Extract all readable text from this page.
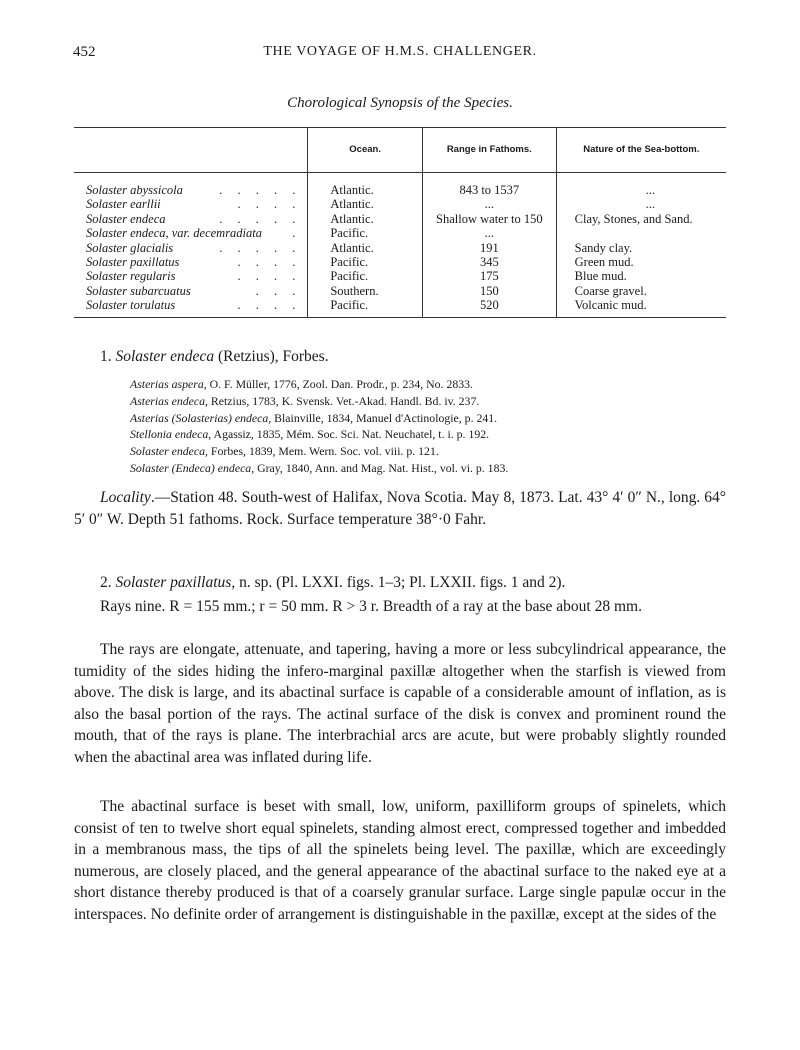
452	THE VOYAGE OF H.M.S. CHALLENGER.
Chorological Synopsis of the Species.
	Ocean.	Range in Fathoms.	Nature of the Sea-bottom.

Solaster abyssicola . . . . .	Atlantic.	843 to 1537	...
Solaster earllii . . . .	Atlantic.	...	...
Solaster endeca . . . . .	Atlantic.	Shallow water to 150	Clay, Stones, and Sand.
Solaster endeca, var. decemradiata .	Pacific.	...	
Solaster glacialis . . . . .	Atlantic.	191	Sandy clay.
Solaster paxillatus . . . .	Pacific.	345	Green mud.
Solaster regularis . . . .	Pacific.	175	Blue mud.
Solaster subarcuatus . . .	Southern.	150	Coarse gravel.
Solaster torulatus . . . .	Pacific.	520	Volcanic mud.
1. Solaster endeca (Retzius), Forbes.
Asterias aspera, O. F. Müller, 1776, Zool. Dan. Prodr., p. 234, No. 2833.
Asterias endeca, Retzius, 1783, K. Svensk. Vet.-Akad. Handl. Bd. iv. 237.
Asterias (Solasterias) endeca, Blainville, 1834, Manuel d'Actinologie, p. 241.
Stellonia endeca, Agassiz, 1835, Mém. Soc. Sci. Nat. Neuchatel, t. i. p. 192.
Solaster endeca, Forbes, 1839, Mem. Wern. Soc. vol. viii. p. 121.
Solaster (Endeca) endeca, Gray, 1840, Ann. and Mag. Nat. Hist., vol. vi. p. 183.
Locality.—Station 48. South-west of Halifax, Nova Scotia. May 8, 1873. Lat. 43° 4′ 0″ N., long. 64° 5′ 0″ W. Depth 51 fathoms. Rock. Surface temperature 38°·0 Fahr.
2. Solaster paxillatus, n. sp. (Pl. LXXI. figs. 1–3; Pl. LXXII. figs. 1 and 2).
Rays nine. R = 155 mm.; r = 50 mm. R > 3 r. Breadth of a ray at the base about 28 mm.
The rays are elongate, attenuate, and tapering, having a more or less subcylindrical appearance, the tumidity of the sides hiding the infero-marginal paxillæ altogether when the starfish is viewed from above. The disk is large, and its abactinal surface is capable of a considerable amount of inflation, as is also the basal portion of the rays. The actinal surface of the disk is convex and prominent round the mouth, that of the rays is plane. The interbrachial arcs are acute, but were probably slightly rounded when the abactinal area was inflated during life.
The abactinal surface is beset with small, low, uniform, paxilliform groups of spinelets, which consist of ten to twelve short equal spinelets, standing almost erect, compressed together and imbedded in a membranous mass, the tips of all the spinelets being level. The paxillæ, which are exceedingly numerous, are closely placed, and the general appearance of the abactinal surface to the naked eye at a short distance thereby produced is that of a coarsely granular surface. Large single papulæ occur in the interspaces. No definite order of arrangement is distinguishable in the paxillæ, except at the sides of the
